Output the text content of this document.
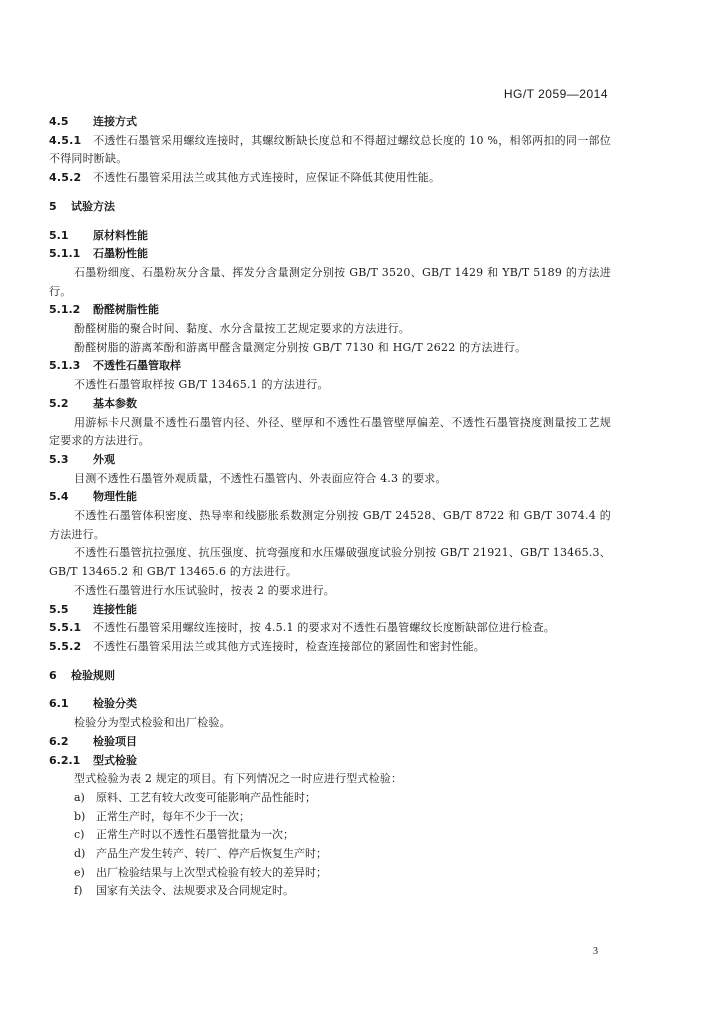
HG/T 2059—2014
4.5 连接方式
4.5.1 不透性石墨管采用螺纹连接时，其螺纹断缺长度总和不得超过螺纹总长度的 10 %，相邻两扣的同一部位不得同时断缺。
4.5.2 不透性石墨管采用法兰或其他方式连接时，应保证不降低其使用性能。
5 试验方法
5.1 原材料性能
5.1.1 石墨粉性能
石墨粉细度、石墨粉灰分含量、挥发分含量测定分别按 GB/T 3520、GB/T 1429 和 YB/T 5189 的方法进行。
5.1.2 酚醛树脂性能
酚醛树脂的聚合时间、黏度、水分含量按工艺规定要求的方法进行。
酚醛树脂的游离苯酚和游离甲醛含量测定分别按 GB/T 7130 和 HG/T 2622 的方法进行。
5.1.3 不透性石墨管取样
不透性石墨管取样按 GB/T 13465.1 的方法进行。
5.2 基本参数
用游标卡尺测量不透性石墨管内径、外径、壁厚和不透性石墨管壁厚偏差、不透性石墨管挠度测量按工艺规定要求的方法进行。
5.3 外观
目测不透性石墨管外观质量，不透性石墨管内、外表面应符合 4.3 的要求。
5.4 物理性能
不透性石墨管体积密度、热导率和线膨胀系数测定分别按 GB/T 24528、GB/T 8722 和 GB/T 3074.4 的方法进行。
不透性石墨管抗拉强度、抗压强度、抗弯强度和水压爆破强度试验分别按 GB/T 21921、GB/T 13465.3、GB/T 13465.2 和 GB/T 13465.6 的方法进行。
不透性石墨管进行水压试验时，按表 2 的要求进行。
5.5 连接性能
5.5.1 不透性石墨管采用螺纹连接时，按 4.5.1 的要求对不透性石墨管螺纹长度断缺部位进行检查。
5.5.2 不透性石墨管采用法兰或其他方式连接时，检查连接部位的紧固性和密封性能。
6 检验规则
6.1 检验分类
检验分为型式检验和出厂检验。
6.2 检验项目
6.2.1 型式检验
型式检验为表 2 规定的项目。有下列情况之一时应进行型式检验：
a) 原料、工艺有较大改变可能影响产品性能时；
b) 正常生产时，每年不少于一次；
c) 正常生产时以不透性石墨管批量为一次；
d) 产品生产发生转产、转厂、停产后恢复生产时；
e) 出厂检验结果与上次型式检验有较大的差异时；
f) 国家有关法令、法规要求及合同规定时。
3
